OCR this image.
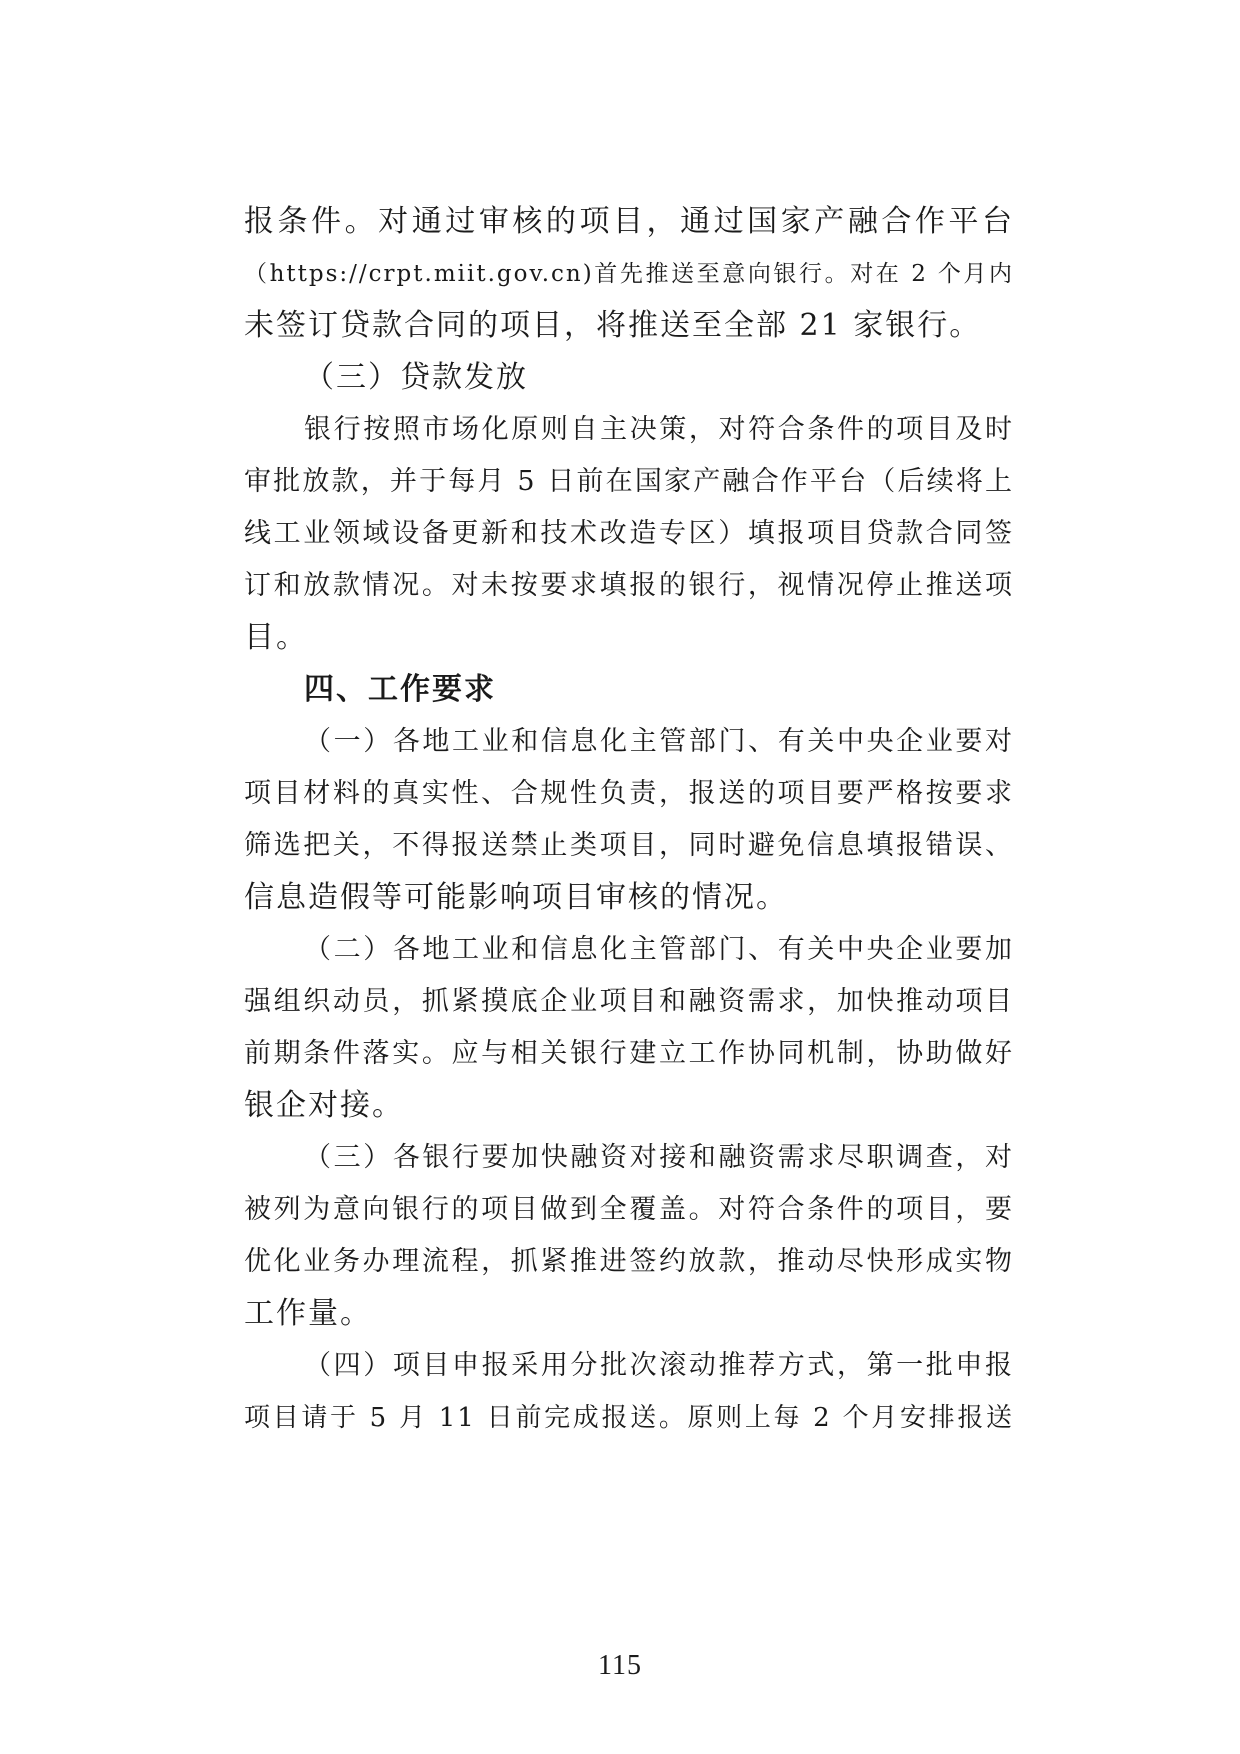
报条件。对通过审核的项目，通过国家产融合作平台
（https://crpt.miit.gov.cn)首先推送至意向银行。对在 2 个月内
未签订贷款合同的项目，将推送至全部 21 家银行。
（三）贷款发放
银行按照市场化原则自主决策，对符合条件的项目及时
审批放款，并于每月 5 日前在国家产融合作平台（后续将上
线工业领域设备更新和技术改造专区）填报项目贷款合同签
订和放款情况。对未按要求填报的银行，视情况停止推送项
目。
四、工作要求
（一）各地工业和信息化主管部门、有关中央企业要对
项目材料的真实性、合规性负责，报送的项目要严格按要求
筛选把关，不得报送禁止类项目，同时避免信息填报错误、
信息造假等可能影响项目审核的情况。
（二）各地工业和信息化主管部门、有关中央企业要加
强组织动员，抓紧摸底企业项目和融资需求，加快推动项目
前期条件落实。应与相关银行建立工作协同机制，协助做好
银企对接。
（三）各银行要加快融资对接和融资需求尽职调查，对
被列为意向银行的项目做到全覆盖。对符合条件的项目，要
优化业务办理流程，抓紧推进签约放款，推动尽快形成实物
工作量。
（四）项目申报采用分批次滚动推荐方式，第一批申报
项目请于 5 月 11 日前完成报送。原则上每 2 个月安排报送
115
